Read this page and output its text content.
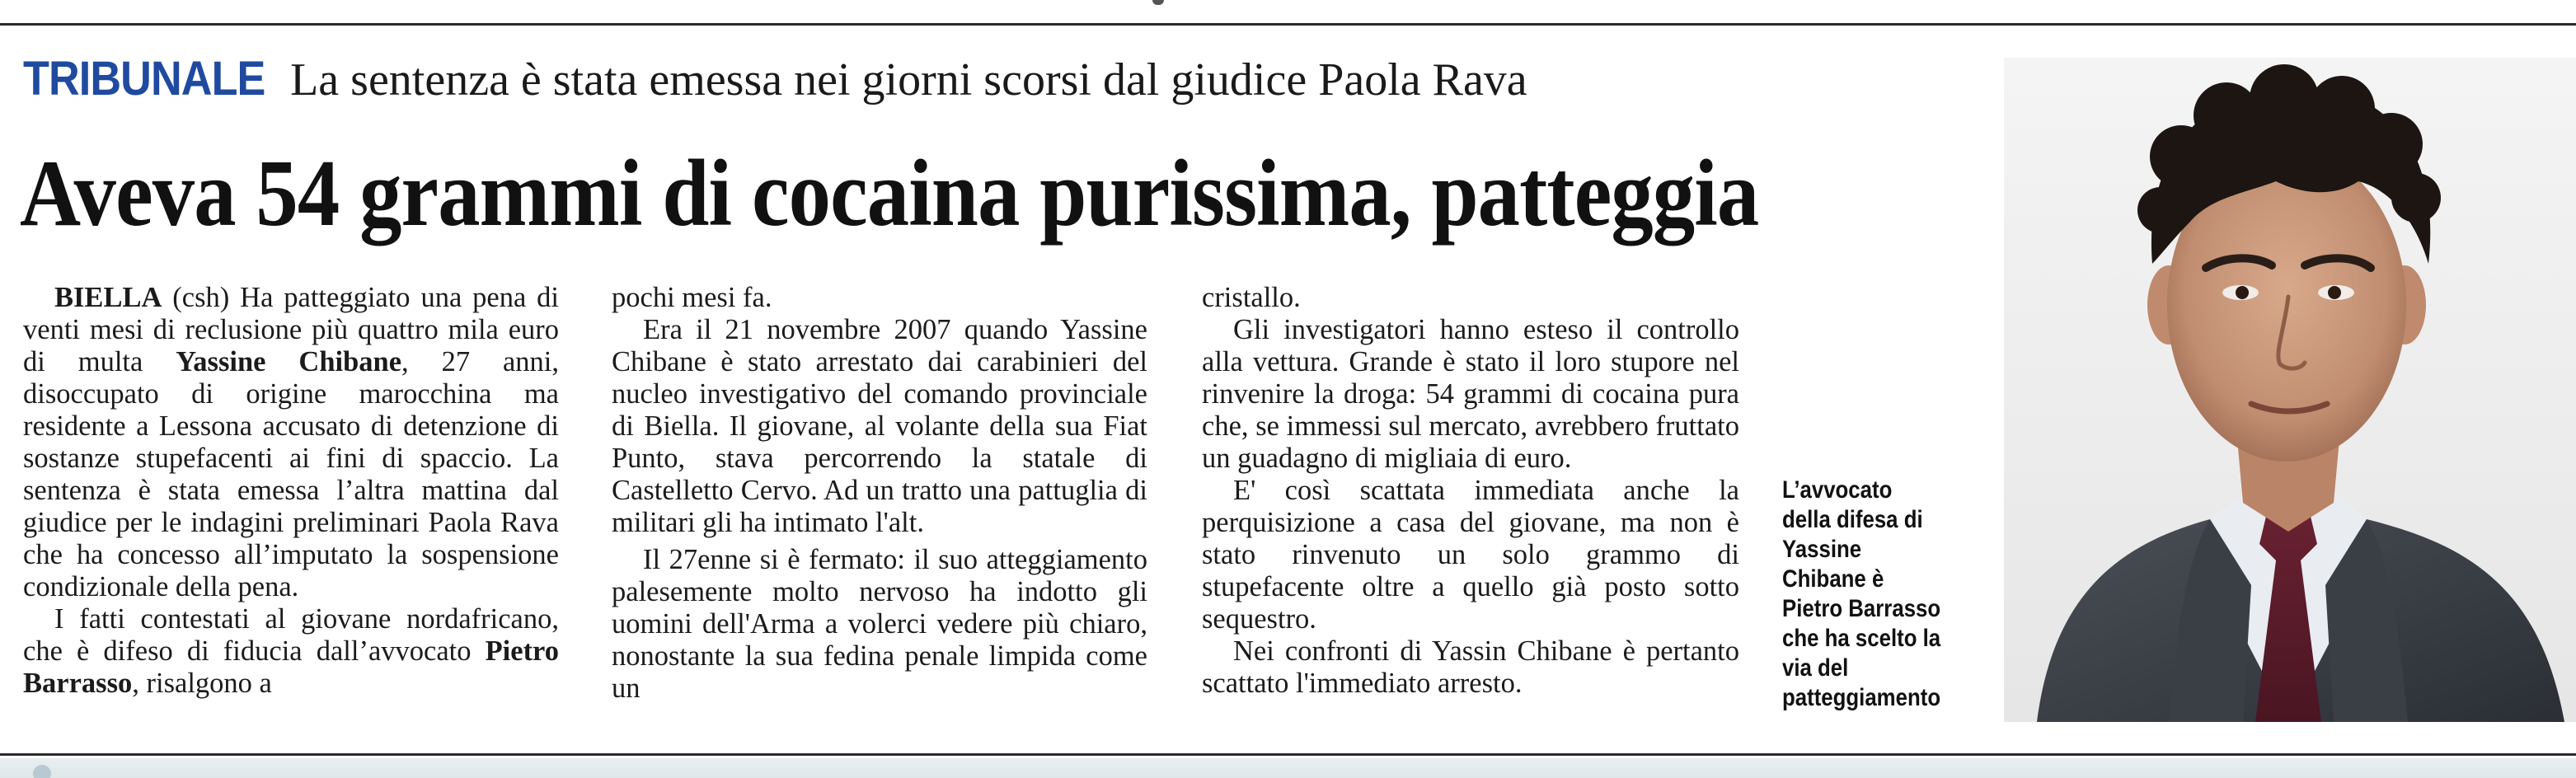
TRIBUNALE La sentenza è stata emessa nei giorni scorsi dal giudice Paola Rava
Aveva 54 grammi di cocaina purissima, patteggia

BIELLA (csh) Ha patteggiato una pena di venti mesi di reclusione più quattro mila euro di multa Yassine Chibane, 27 anni, disoccupato di origine marocchina ma residente a Lessona accusato di detenzione di sostanze stupefacenti ai fini di spaccio. La sentenza è stata emessa l’altra mattina dal giudice per le indagini preliminari Paola Rava che ha concesso all’imputato la sospensione condizionale della pena.

I fatti contestati al giovane nordafricano, che è difeso di fiducia dall’avvocato Pietro Barrasso, risalgono a

pochi mesi fa.

Era il 21 novembre 2007 quando Yassine Chibane è stato arrestato dai carabinieri del nucleo investigativo del comando provinciale di Biella. Il giovane, al volante della sua Fiat Punto, stava percorrendo la statale di Castelletto Cervo. Ad un tratto una pattuglia di militari gli ha intimato l'alt.

Il 27enne si è fermato: il suo atteggiamento palesemente molto nervoso ha indotto gli uomini dell'Arma a volerci vedere più chiaro, nonostante la sua fedina penale limpida come un

cristallo.

Gli investigatori hanno esteso il controllo alla vettura. Grande è stato il loro stupore nel rinvenire la droga: 54 grammi di cocaina pura che, se immessi sul mercato, avrebbero fruttato un guadagno di migliaia di euro.

E' così scattata immediata anche la perquisizione a casa del giovane, ma non è stato rinvenuto un solo grammo di stupefacente oltre a quello già posto sotto sequestro.

Nei confronti di Yassin Chibane è pertanto scattato l'immediato arresto.

L’avvocato della difesa di Yassine Chibane è Pietro Barrasso che ha scelto la via del patteggiamento
